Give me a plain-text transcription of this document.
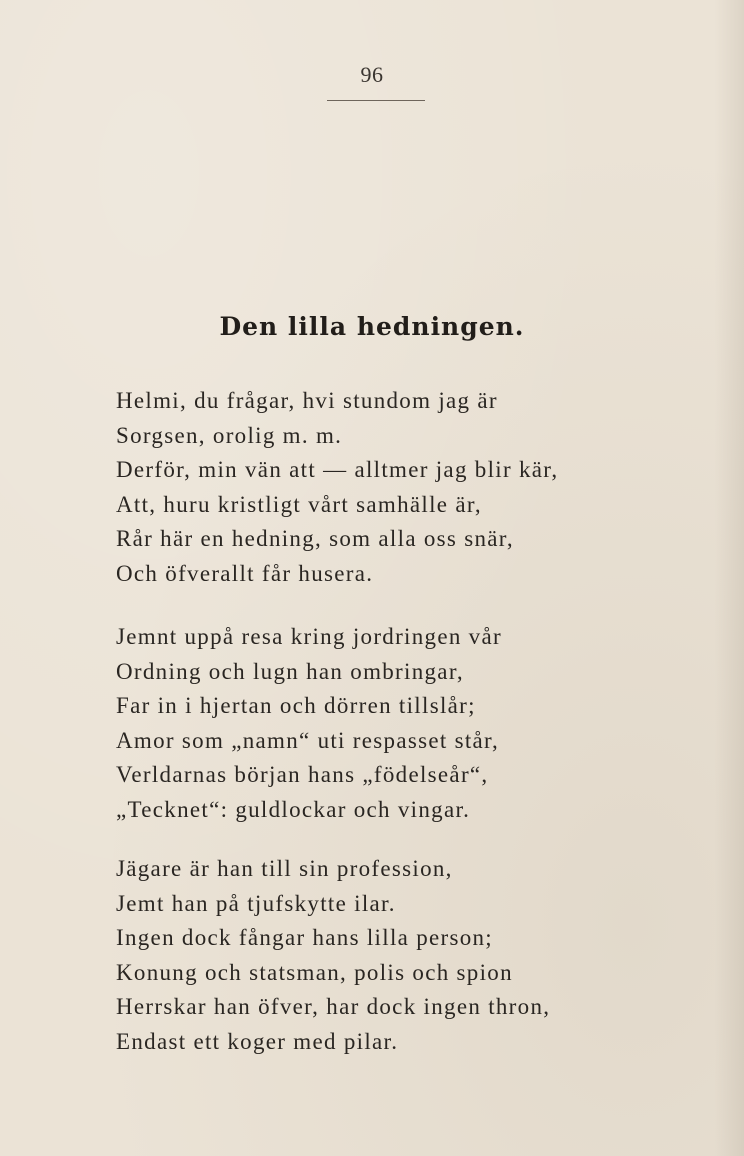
96
Den lilla hedningen.
Helmi, du frågar, hvi stundom jag är
Sorgsen, orolig m. m.
Derför, min vän att — alltmer jag blir kär,
Att, huru kristligt vårt samhälle är,
Rår här en hedning, som alla oss snär,
Och öfverallt får husera.
Jemnt uppå resa kring jordringen vår
Ordning och lugn han ombringar,
Far in i hjertan och dörren tillslår;
Amor som „namn“ uti respasset står,
Verldarnas början hans „födelseår“,
„Tecknet“: guldlockar och vingar.
Jägare är han till sin profession,
Jemt han på tjufskytte ilar.
Ingen dock fångar hans lilla person;
Konung och statsman, polis och spion
Herrskar han öfver, har dock ingen thron,
Endast ett koger med pilar.
